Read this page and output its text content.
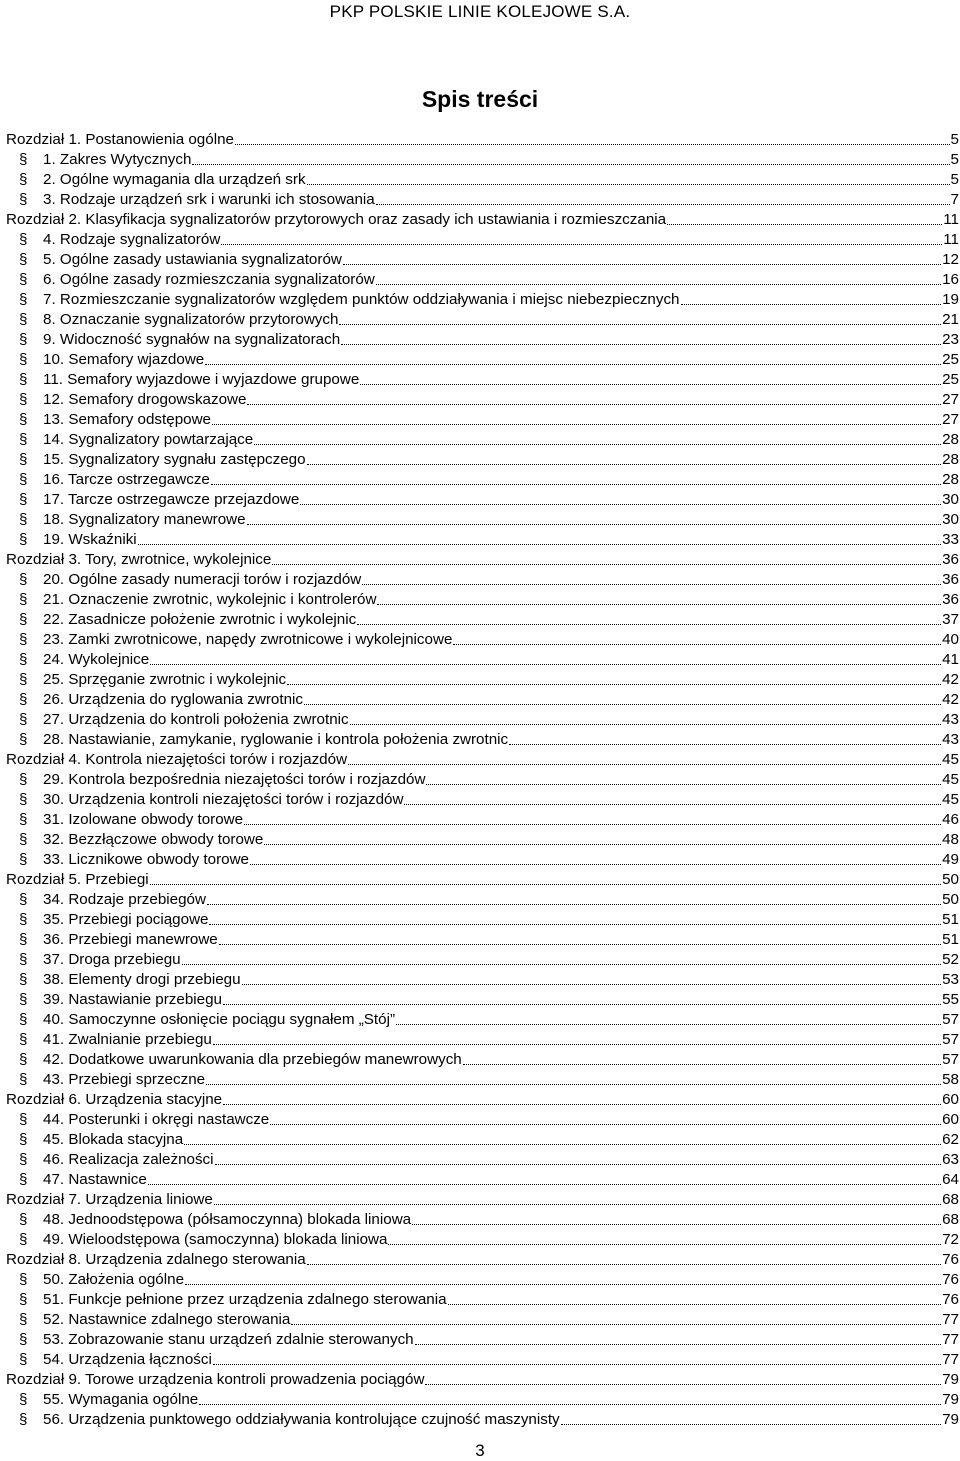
PKP POLSKIE LINIE KOLEJOWE S.A.
Spis treści
Rozdział 1. Postanowienia ogólne	5
§	1. Zakres Wytycznych	5
§	2. Ogólne wymagania dla urządzeń srk	5
§	3. Rodzaje urządzeń srk i warunki ich stosowania	7
Rozdział 2. Klasyfikacja sygnalizatorów przytorowych oraz zasady ich ustawiania i rozmieszczania	11
§	4. Rodzaje sygnalizatorów	11
§	5. Ogólne zasady ustawiania sygnalizatorów	12
§	6. Ogólne zasady rozmieszczania sygnalizatorów	16
§	7. Rozmieszczanie sygnalizatorów względem punktów oddziaływania i miejsc niebezpiecznych	19
§	8. Oznaczanie sygnalizatorów przytorowych	21
§	9. Widoczność sygnałów na sygnalizatorach	23
§	10. Semafory wjazdowe	25
§	11. Semafory wyjazdowe i wyjazdowe grupowe	25
§	12. Semafory drogowskazowe	27
§	13. Semafory odstępowe	27
§	14. Sygnalizatory powtarzające	28
§	15. Sygnalizatory sygnału zastępczego	28
§	16. Tarcze ostrzegawcze	28
§	17. Tarcze ostrzegawcze przejazdowe	30
§	18. Sygnalizatory manewrowe	30
§	19. Wskaźniki	33
Rozdział 3. Tory, zwrotnice, wykolejnice	36
§	20. Ogólne zasady numeracji torów i rozjazdów	36
§	21. Oznaczenie zwrotnic, wykolejnic i kontrolerów	36
§	22. Zasadnicze położenie zwrotnic i wykolejnic	37
§	23. Zamki zwrotnicowe, napędy zwrotnicowe i wykolejnicowe	40
§	24. Wykolejnice	41
§	25. Sprzęganie zwrotnic i wykolejnic	42
§	26. Urządzenia do ryglowania zwrotnic	42
§	27. Urządzenia do kontroli położenia zwrotnic	43
§	28. Nastawianie, zamykanie, ryglowanie i kontrola położenia zwrotnic	43
Rozdział 4. Kontrola niezajętości torów i rozjazdów	45
§	29. Kontrola bezpośrednia niezajętości torów i rozjazdów	45
§	30. Urządzenia kontroli niezajętości torów i rozjazdów	45
§	31. Izolowane obwody torowe	46
§	32. Bezzłączowe obwody torowe	48
§	33. Licznikowe obwody torowe	49
Rozdział 5. Przebiegi	50
§	34. Rodzaje przebiegów	50
§	35. Przebiegi pociągowe	51
§	36. Przebiegi manewrowe	51
§	37. Droga przebiegu	52
§	38. Elementy drogi przebiegu	53
§	39. Nastawianie przebiegu	55
§	40. Samoczynne osłonięcie pociągu sygnałem „Stój”	57
§	41. Zwalnianie przebiegu	57
§	42. Dodatkowe uwarunkowania dla przebiegów manewrowych	57
§	43. Przebiegi sprzeczne	58
Rozdział 6. Urządzenia stacyjne	60
§	44. Posterunki i okręgi nastawcze	60
§	45. Blokada stacyjna	62
§	46. Realizacja zależności	63
§	47. Nastawnice	64
Rozdział 7. Urządzenia liniowe	68
§	48. Jednoodstępowa (półsamoczynna) blokada liniowa	68
§	49. Wieloodstępowa (samoczynna) blokada liniowa	72
Rozdział 8. Urządzenia zdalnego sterowania	76
§	50. Założenia ogólne	76
§	51. Funkcje pełnione przez urządzenia zdalnego sterowania	76
§	52. Nastawnice zdalnego sterowania	77
§	53. Zobrazowanie stanu urządzeń zdalnie sterowanych	77
§	54. Urządzenia łączności	77
Rozdział 9. Torowe urządzenia kontroli prowadzenia pociągów	79
§	55. Wymagania ogólne	79
§	56. Urządzenia punktowego oddziaływania kontrolujące czujność maszynisty	79
3
